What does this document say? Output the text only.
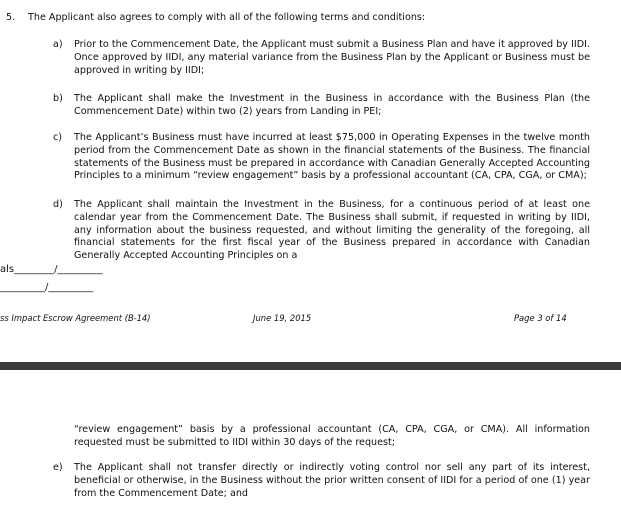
5. The Applicant also agrees to comply with all of the following terms and conditions:
a)	Prior to the Commencement Date, the Applicant must submit a Business Plan and have it approved by IIDI. Once approved by IIDI, any material variance from the Business Plan by the Applicant or Business must be approved in writing by IIDI;
b)	The Applicant shall make the Investment in the Business in accordance with the Business Plan (the Commencement Date) within two (2) years from Landing in PEI;
c)	The Applicant’s Business must have incurred at least $75,000 in Operating Expenses in the twelve month period from the Commencement Date as shown in the financial statements of the Business. The financial statements of the Business must be prepared in accordance with Canadian Generally Accepted Accounting Principles to a minimum “review engagement” basis by a professional accountant (CA, CPA, CGA, or CMA);
d)	The Applicant shall maintain the Investment in the Business, for a continuous period of at least one calendar year from the Commencement Date. The Business shall submit, if requested in writing by IIDI, any information about the business requested, and without limiting the generality of the foregoing, all financial statements for the first fiscal year of the Business prepared in accordance with Canadian Generally Accepted Accounting Principles on a
als________/_________
_________/_________
ss Impact Escrow Agreement (B-14)	June 19, 2015	Page 3 of 14
“review engagement” basis by a professional accountant (CA, CPA, CGA, or CMA). All information requested must be submitted to IIDI within 30 days of the request;
e)	The Applicant shall not transfer directly or indirectly voting control nor sell any part of its interest, beneficial or otherwise, in the Business without the prior written consent of IIDI for a period of one (1) year from the Commencement Date; and
